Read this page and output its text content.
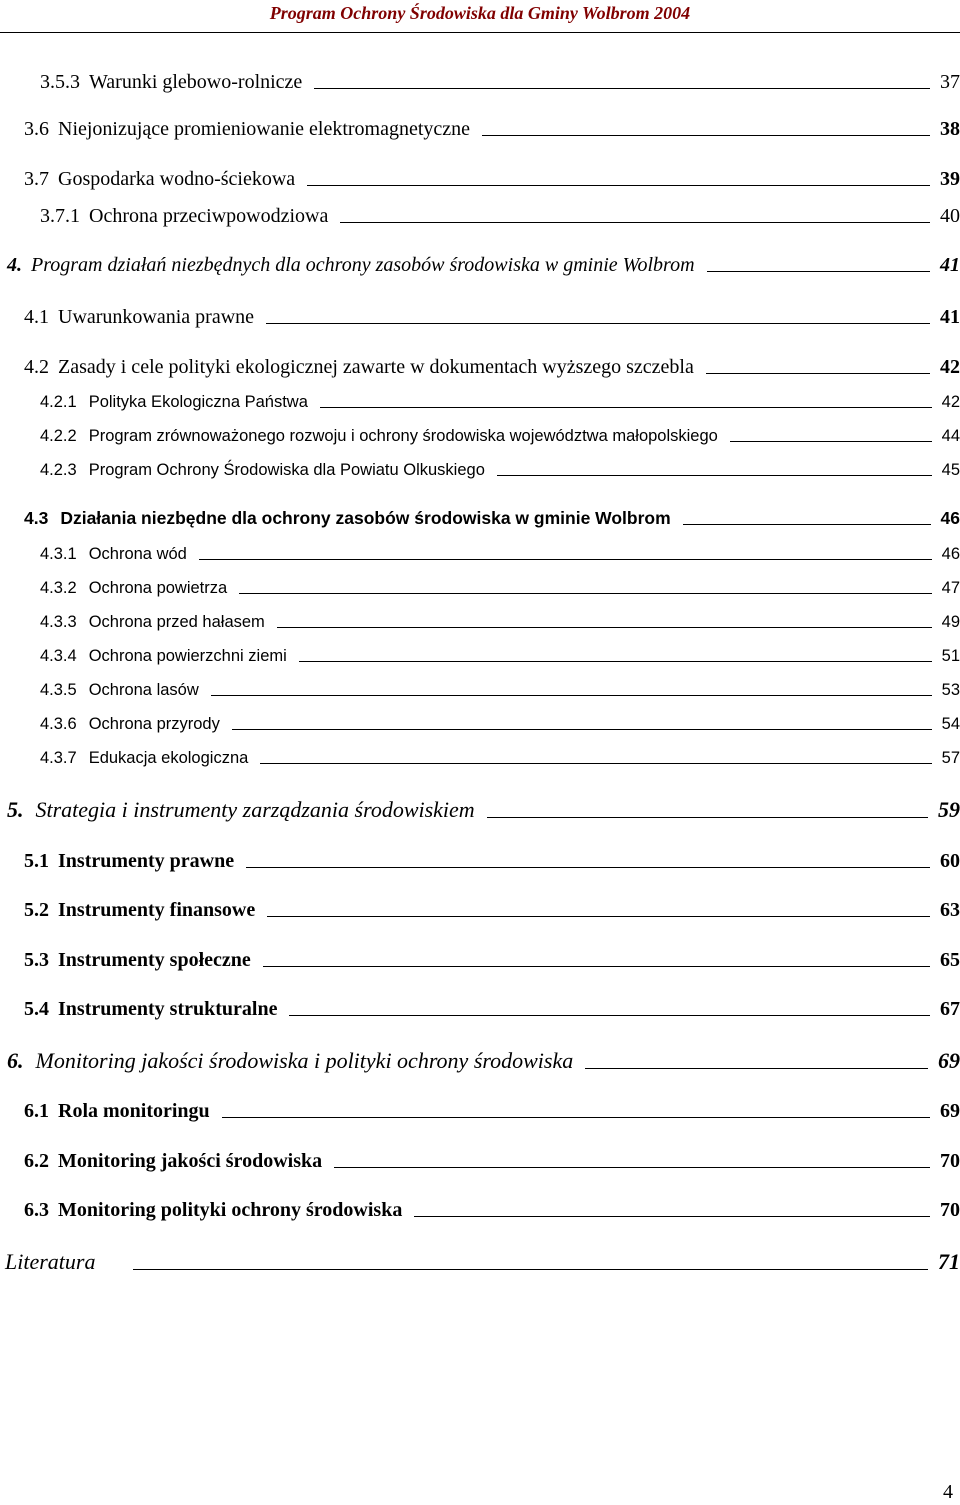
Program Ochrony Środowiska dla Gminy Wolbrom 2004
3.5.3 Warunki glebowo-rolnicze	37
3.6 Niejonizujące promieniowanie elektromagnetyczne	38
3.7 Gospodarka wodno-ściekowa	39
3.7.1 Ochrona przeciwpowodziowa	40
4. Program działań niezbędnych dla ochrony zasobów środowiska w gminie Wolbrom	41
4.1 Uwarunkowania prawne	41
4.2 Zasady i cele polityki ekologicznej zawarte w dokumentach wyższego szczebla	42
4.2.1 Polityka Ekologiczna Państwa	42
4.2.2 Program zrównoważonego rozwoju i ochrony środowiska województwa małopolskiego	44
4.2.3 Program Ochrony Środowiska dla Powiatu Olkuskiego	45
4.3 Działania niezbędne dla ochrony zasobów środowiska w gminie Wolbrom	46
4.3.1 Ochrona wód	46
4.3.2 Ochrona powietrza	47
4.3.3 Ochrona przed hałasem	49
4.3.4 Ochrona powierzchni ziemi	51
4.3.5 Ochrona lasów	53
4.3.6 Ochrona przyrody	54
4.3.7 Edukacja ekologiczna	57
5. Strategia i instrumenty zarządzania środowiskiem	59
5.1 Instrumenty prawne	60
5.2 Instrumenty finansowe	63
5.3 Instrumenty społeczne	65
5.4 Instrumenty strukturalne	67
6. Monitoring jakości środowiska i polityki ochrony środowiska	69
6.1 Rola monitoringu	69
6.2 Monitoring jakości środowiska	70
6.3 Monitoring polityki ochrony środowiska	70
Literatura	71
4
